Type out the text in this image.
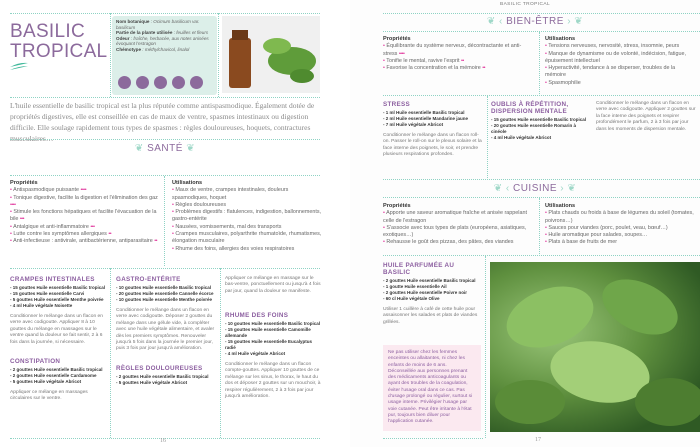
BASILIC
TROPICAL
Nom botanique : Ocimum basilicum var. basilicum
Partie de la plante utilisée : feuilles et fleurs
Odeur : fraîche, herbacée, aux notes anisées évoquant l'estragon
Chémotype : méthylchavicol, linalol
L'huile essentielle de basilic tropical est la plus réputée comme antispasmodique. Également dotée de propriétés digestives, elle est conseillée en cas de maux de ventre, spasmes intestinaux ou digestion difficile. Elle soulage rapidement tous types de spasmes : règles douloureuses, hoquets, contractures musculaires…
❦ SANTÉ ❦
Propriétés
• Antispasmodique puissante ••••
• Tonique digestive, facilite la digestion et l'élimination des gaz ••••
• Stimule les fonctions hépatiques et facilite l'évacuation de la bile •••
• Antalgique et anti-inflammatoire •••
• Lutte contre les symptômes allergiques ••
• Anti-infectieuse : antivirale, antibactérienne, antiparasitaire ••
Utilisations
• Maux de ventre, crampes intestinales, douleurs spasmodiques, hoquet
• Règles douloureuses
• Problèmes digestifs : flatulences, indigestion, ballonnements, gastro-entérite
• Nausées, vomissements, mal des transports
• Crampes musculaires, polyarthrite rhumatoïde, rhumatismes, élongation musculaire
• Rhume des foins, allergies des voies respiratoires
CRAMPES INTESTINALES
- 15 gouttes Huile essentielle Basilic tropical
- 15 gouttes Huile essentielle Carvi
- 5 gouttes Huile essentielle Menthe poivrée
- 4 ml Huile végétale Noisette

Conditionner le mélange dans un flacon en verre avec codigoutte. Appliquer 8 à 10 gouttes du mélange en massages sur le ventre quand la douleur se fait sentir, 2 à 6 fois dans la journée, si nécessaire.

CONSTIPATION
- 2 gouttes Huile essentielle Basilic tropical
- 2 gouttes Huile essentielle Cardamome
- 5 gouttes Huile végétale Abricot

Appliquer ce mélange en massages circulaires sur le ventre.

GASTRO-ENTÉRITE
- 10 gouttes Huile essentielle Basilic tropical
- 20 gouttes Huile essentielle Cannelle écorce
- 10 gouttes Huile essentielle Menthe poivrée

Conditionner le mélange dans un flacon en verre avec codigoutte. Déposer 2 gouttes du mélange dans une gélule vide, à compléter avec une huile végétale alimentaire, et avaler dès les premiers symptômes. Renouveler jusqu'à 5 fois dans la journée le premier jour, puis 3 fois par jour jusqu'à amélioration.

RÈGLES DOULOUREUSES
- 2 gouttes Huile essentielle Basilic tropical
- 5 gouttes Huile végétale Abricot

Appliquer ce mélange en massage sur le bas-ventre, ponctuellement ou jusqu'à 4 fois par jour, quand la douleur se manifeste.

RHUME DES FOINS
- 10 gouttes Huile essentielle Basilic tropical
- 15 gouttes Huile essentielle Camomille allemande
- 15 gouttes Huile essentielle Eucalyptus radié
- 4 ml Huile végétale Abricot

Conditionner le mélange dans un flacon compte-gouttes. Appliquer 10 gouttes de ce mélange sur les sinus, le thorax, le haut du dos et déposer 2 gouttes sur un mouchoir, à respirer régulièrement, 2 à 3 fois par jour jusqu'à amélioration.

16
BASILIC TROPICAL
❦ ‹ BIEN-ÊTRE › ❦
Propriétés
• Équilibrante du système nerveux, décontractante et anti-stress ••••
• Tonifie le mental, ravive l'esprit ••
• Favorise la concentration et la mémoire ••
Utilisations
• Tensions nerveuses, nervosité, stress, insomnie, peurs
• Manque de dynamisme ou de volonté, indécision, fatigue, épuisement intellectuel
• Hyperactivité, tendance à se disperser, troubles de la mémoire
• Spasmophilie
STRESS
- 1 ml Huile essentielle Basilic tropical
- 2 ml Huile essentielle Mandarine jaune
- 7 ml Huile végétale Abricot

Conditionner le mélange dans un flacon roll-on. Passer le roll-on sur le plexus solaire et la face interne des poignets, le soir, et prendre plusieurs respirations profondes.

OUBLIS À RÉPÉTITION, DISPERSION MENTALE
- 15 gouttes Huile essentielle Basilic tropical
- 20 gouttes Huile essentielle Romarin à cinéole
- 4 ml Huile végétale Abricot

Conditionner le mélange dans un flacon en verre avec codigoutte. Appliquer 2 gouttes sur la face interne des poignets et respirer profondément le parfum, 2 à 3 fois par jour dans les moments de dispersion mentale.

❦ ‹ CUISINE › ❦
Propriétés
• Apporte une saveur aromatique fraîche et anisée rappelant celle de l'estragon
• S'associe avec tous types de plats (européens, asiatiques, exotiques…)
• Rehausse le goût des pizzas, des pâtes, des viandes
Utilisations
• Plats chauds ou froids à base de légumes du soleil (tomates, poivrons…)
• Sauces pour viandes (porc, poulet, veau, bœuf…)
• Huile aromatique pour salades, soupes…
• Plats à base de fruits de mer
HUILE PARFUMÉE AU BASILIC
- 2 gouttes Huile essentielle Basilic tropical
- 1 goutte Huile essentielle Ail
- 2 gouttes Huile essentielle Poivre noir
- 60 cl Huile végétale Olive

Utiliser 1 cuillère à café de cette huile pour assaisonner les salades et plats de viandes grillées.

Ne pas utiliser chez les femmes enceintes ou allaitantes, ni chez les enfants de moins de 6 ans. Déconseillée aux personnes prenant des médicaments anticoagulants ou ayant des troubles de la coagulation, éviter l'usage oral dans ce cas. Pas d'usage prolongé ou régulier, surtout si usage interne. Privilégier l'usage par voie cutanée. Peut être irritante à l'état pur, toujours bien diluer pour l'application cutanée.
17
